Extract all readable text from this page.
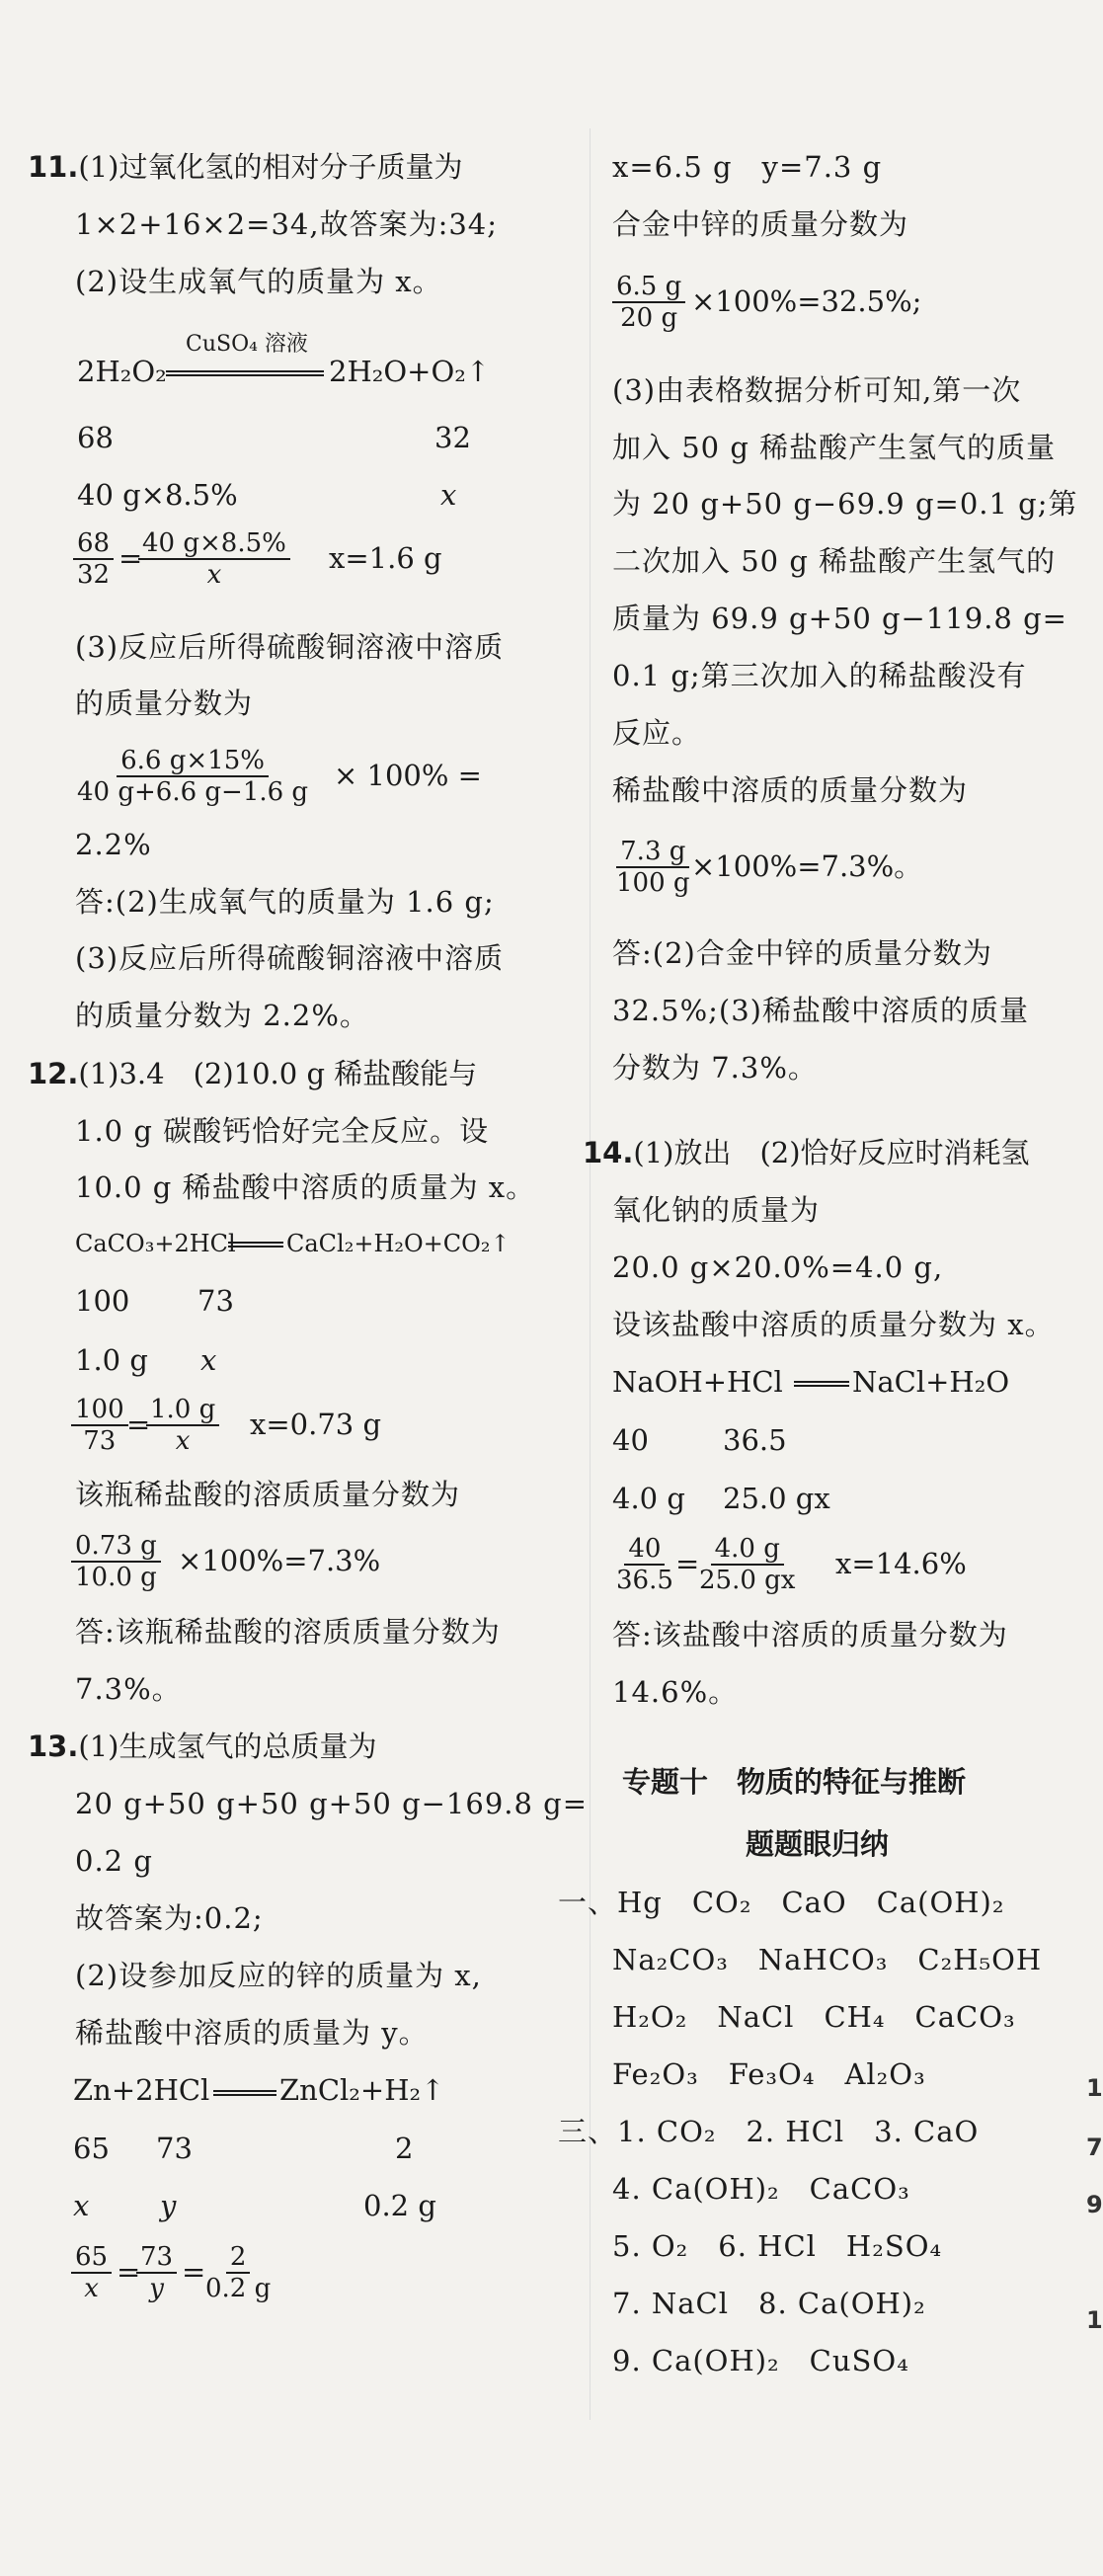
11.(1)过氧化氢的相对分子质量为
1×2+16×2=34,故答案为:34;
(2)设生成氧气的质量为 x。
2H₂O₂
CuSO₄ 溶液
2H₂O+O₂↑
68	32
40 g×8.5%	x
$\frac{68}{32}$ =
$\frac{40 g\times 8.5\%}{x} x=1.6$ g
(3)反应后所得硫酸铜溶液中溶质
的质量分数为
$\frac{6.6 g\times 15\%}{40 g+6.6 g-1.6 g} \times 100\%$ =
2.2%
答:(2)生成氧气的质量为 1.6 g;
(3)反应后所得硫酸铜溶液中溶质
的质量分数为 2.2%。
12.(1)3.4　(2)10.0 g 稀盐酸能与
1.0 g 碳酸钙恰好完全反应。设
10.0 g 稀盐酸中溶质的质量为 x。
CaCO₃+2HCl CaCl₂+H₂O+CO₂↑
100 73
1.0 g x
$\frac{100}{73}$
=
$\frac{1.0 g}{x} x=0.73$ g
该瓶稀盐酸的溶质质量分数为
$\frac{0.73 g}{10.0 g} \times 100\%=7.3\%$
答:该瓶稀盐酸的溶质质量分数为
7.3%。
13.(1)生成氢气的总质量为
20 g+50 g+50 g+50 g−169.8 g=
0.2 g
故答案为:0.2;
(2)设参加反应的锌的质量为 x,
稀盐酸中溶质的质量为 y。
Zn+2HCl ZnCl₂+H₂↑
65 73	2
x y	0.2 g
$\frac{65}{x}$ =
$\frac{73}{y}$ =
$\frac{2}{0.2 g}$
x=6.5 g　y=7.3 g
合金中锌的质量分数为
$\frac{6.5 g}{20 g} \times 100\%=32.5\%$;
(3)由表格数据分析可知,第一次
加入 50 g 稀盐酸产生氢气的质量
为 20 g+50 g−69.9 g=0.1 g;第
二次加入 50 g 稀盐酸产生氢气的
质量为 69.9 g+50 g−119.8 g=
0.1 g;第三次加入的稀盐酸没有
反应。
稀盐酸中溶质的质量分数为
$\frac{7.3 g}{100 g}$
×100%=7.3%。
答:(2)合金中锌的质量分数为
32.5%;(3)稀盐酸中溶质的质量
分数为 7.3%。
14.(1)放出　(2)恰好反应时消耗氢
氧化钠的质量为
20.0 g×20.0%=4.0 g,
设该盐酸中溶质的质量分数为 x。
NaOH+HCl NaCl+H₂O
40	36.5
4.0 g 25.0 gx
$\frac{40}{36.5}$
=
$\frac{4.0 g}{25.0 gx} x=14.6\%$
答:该盐酸中溶质的质量分数为
14.6%。
专题十　物质的特征与推断
题题眼归纳
一、Hg　CO₂　CaO　Ca(OH)₂
Na₂CO₃　NaHCO₃　C₂H₅OH
H₂O₂　NaCl　CH₄　CaCO₃
Fe₂O₃　Fe₃O₄　Al₂O₃
三、1. CO₂　2. HCl　3. CaO
4. Ca(OH)₂　CaCO₃
5. O₂　6. HCl　H₂SO₄
7. NaCl　8. Ca(OH)₂
9. Ca(OH)₂　CuSO₄
1
7
9
1
